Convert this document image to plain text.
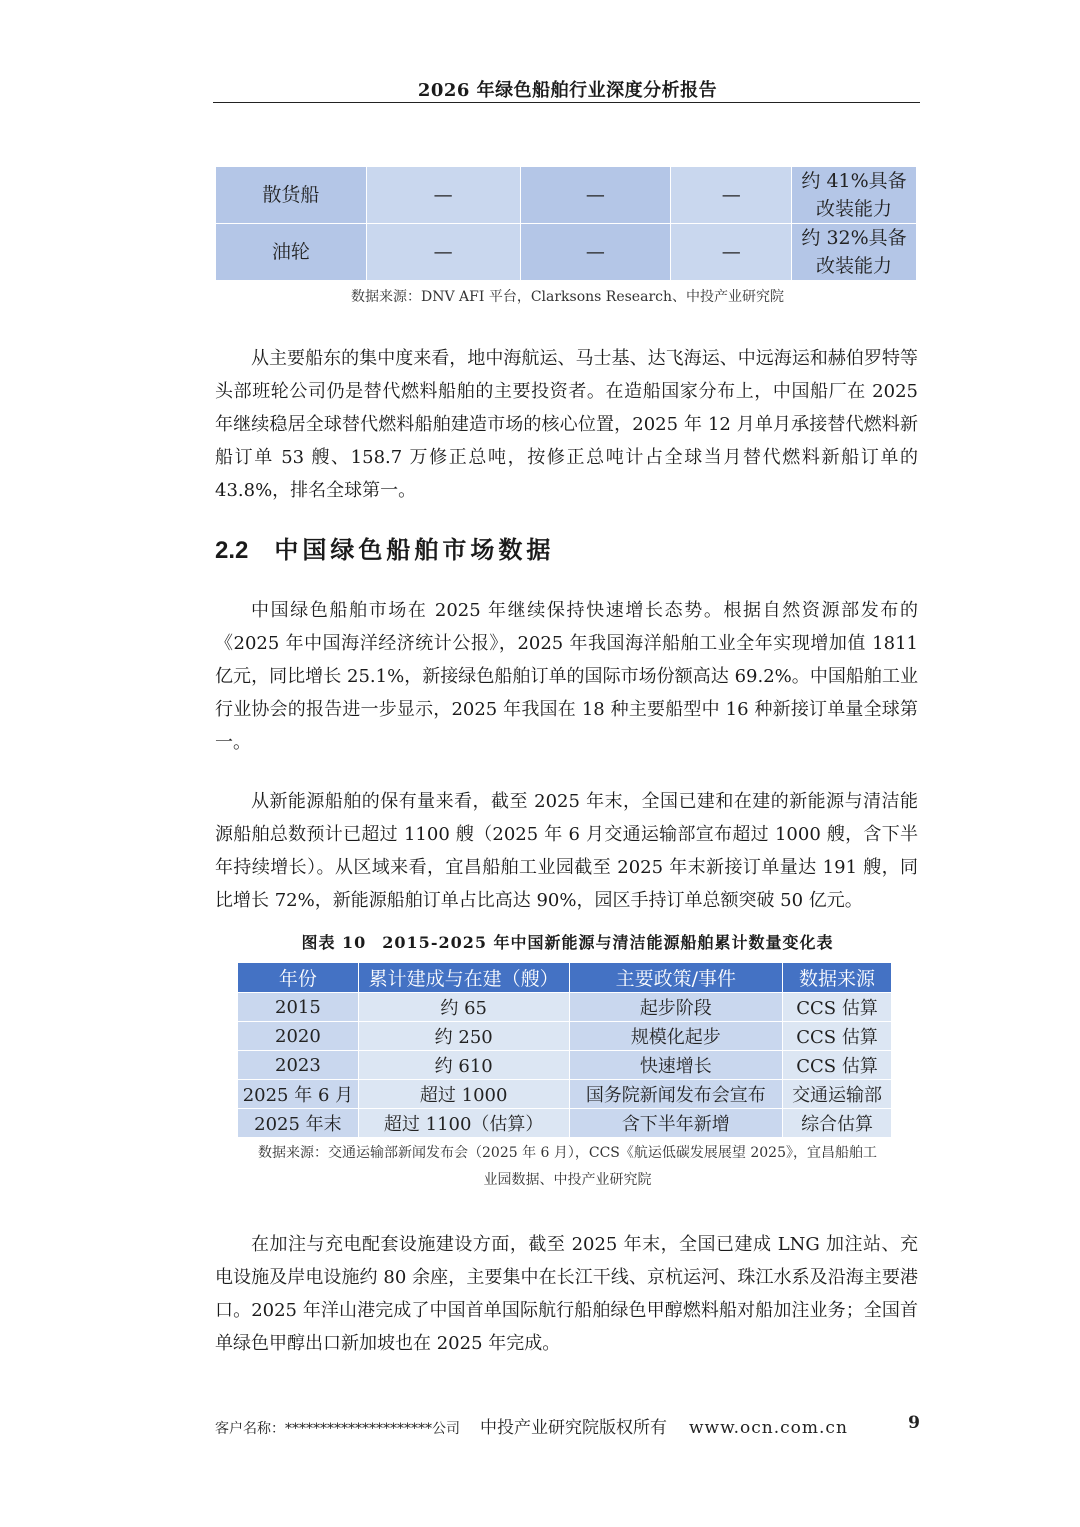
2026 年绿色船舶行业深度分析报告
散货船	—	—	—	约 41%具备
改装能力

油轮	—	—	—	约 32%具备
改装能力
数据来源：DNV AFI 平台，Clarksons Research、中投产业研究院

从主要船东的集中度来看，地中海航运、马士基、达飞海运、中远海运和赫伯罗特等头部班轮公司仍是替代燃料船舶的主要投资者。在造船国家分布上，中国船厂在 2025 年继续稳居全球替代燃料船舶建造市场的核心位置，2025 年 12 月单月承接替代燃料新船订单 53 艘、158.7 万修正总吨，按修正总吨计占全球当月替代燃料新船订单的 43.8%，排名全球第一。

2.2 中国绿色船舶市场数据

中国绿色船舶市场在 2025 年继续保持快速增长态势。根据自然资源部发布的《2025 年中国海洋经济统计公报》，2025 年我国海洋船舶工业全年实现增加值 1811 亿元，同比增长 25.1%，新接绿色船舶订单的国际市场份额高达 69.2%。中国船舶工业行业协会的报告进一步显示，2025 年我国在 18 种主要船型中 16 种新接订单量全球第一。

从新能源船舶的保有量来看，截至 2025 年末，全国已建和在建的新能源与清洁能源船舶总数预计已超过 1100 艘（2025 年 6 月交通运输部宣布超过 1000 艘，含下半年持续增长）。从区域来看，宜昌船舶工业园截至 2025 年末新接订单量达 191 艘，同比增长 72%，新能源船舶订单占比高达 90%，园区手持订单总额突破 50 亿元。

图表 10 2015-2025 年中国新能源与清洁能源船舶累计数量变化表
年份	累计建成与在建（艘）	主要政策/事件	数据来源
2015	约 65	起步阶段	CCS 估算
2020	约 250	规模化起步	CCS 估算
2023	约 610	快速增长	CCS 估算
2025 年 6 月	超过 1000	国务院新闻发布会宣布	交通运输部
2025 年末	超过 1100（估算）	含下半年新增	综合估算
数据来源：交通运输部新闻发布会（2025 年 6 月），CCS《航运低碳发展展望 2025》，宜昌船舶工
业园数据、中投产业研究院

在加注与充电配套设施建设方面，截至 2025 年末，全国已建成 LNG 加注站、充电设施及岸电设施约 80 余座，主要集中在长江干线、京杭运河、珠江水系及沿海主要港口。2025 年洋山港完成了中国首单国际航行船舶绿色甲醇燃料船对船加注业务；全国首单绿色甲醇出口新加坡也在 2025 年完成。

客户名称：*********************公司 中投产业研究院版权所有 www.ocn.com.cn	9
